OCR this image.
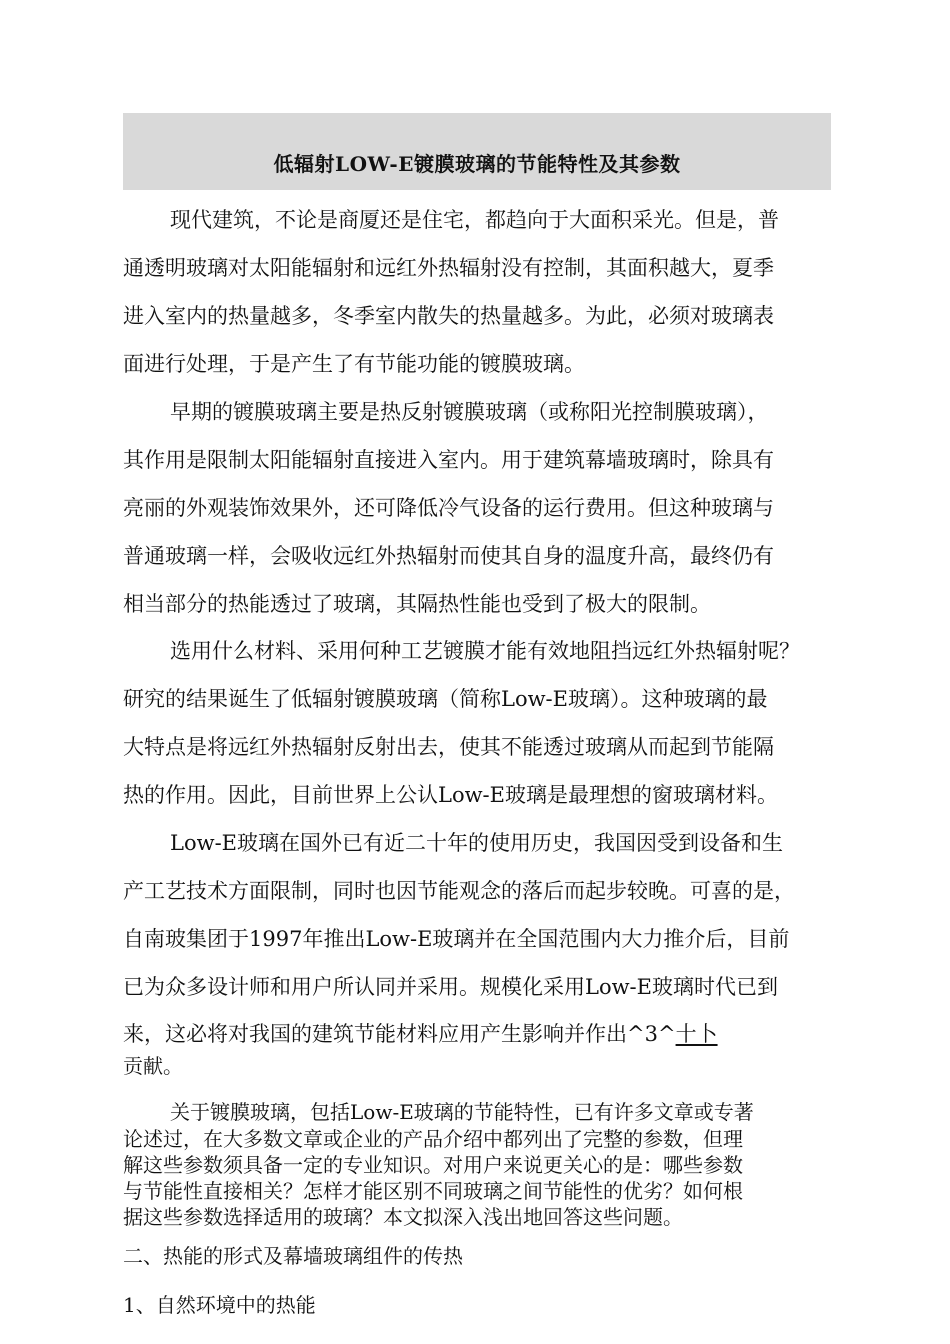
低辐射LOW-E镀膜玻璃的节能特性及其参数
现代建筑，不论是商厦还是住宅，都趋向于大面积采光。但是，普
通透明玻璃对太阳能辐射和远红外热辐射没有控制，其面积越大，夏季
进入室内的热量越多，冬季室内散失的热量越多。为此，必须对玻璃表
面进行处理，于是产生了有节能功能的镀膜玻璃。
早期的镀膜玻璃主要是热反射镀膜玻璃（或称阳光控制膜玻璃），
其作用是限制太阳能辐射直接进入室内。用于建筑幕墙玻璃时，除具有
亮丽的外观装饰效果外，还可降低冷气设备的运行费用。但这种玻璃与
普通玻璃一样，会吸收远红外热辐射而使其自身的温度升高，最终仍有
相当部分的热能透过了玻璃，其隔热性能也受到了极大的限制。
选用什么材料、采用何种工艺镀膜才能有效地阻挡远红外热辐射呢？
研究的结果诞生了低辐射镀膜玻璃（简称Low-E玻璃）。这种玻璃的最
大特点是将远红外热辐射反射出去，使其不能透过玻璃从而起到节能隔
热的作用。因此，目前世界上公认Low-E玻璃是最理想的窗玻璃材料。
Low-E玻璃在国外已有近二十年的使用历史，我国因受到设备和生
产工艺技术方面限制，同时也因节能观念的落后而起步较晚。可喜的是，
自南玻集团于1997年推出Low-E玻璃并在全国范围内大力推介后，目前
已为众多设计师和用户所认同并采用。规模化采用Low-E玻璃时代已到
来，这必将对我国的建筑节能材料应用产生影响并作出^3^十卜
贡献。
关于镀膜玻璃，包括Low-E玻璃的节能特性，已有许多文章或专著
论述过，在大多数文章或企业的产品介绍中都列出了完整的参数，但理
解这些参数须具备一定的专业知识。对用户来说更关心的是：哪些参数
与节能性直接相关？怎样才能区别不同玻璃之间节能性的优劣？如何根
据这些参数选择适用的玻璃？本文拟深入浅出地回答这些问题。
二、热能的形式及幕墙玻璃组件的传热
1、自然环境中的热能
